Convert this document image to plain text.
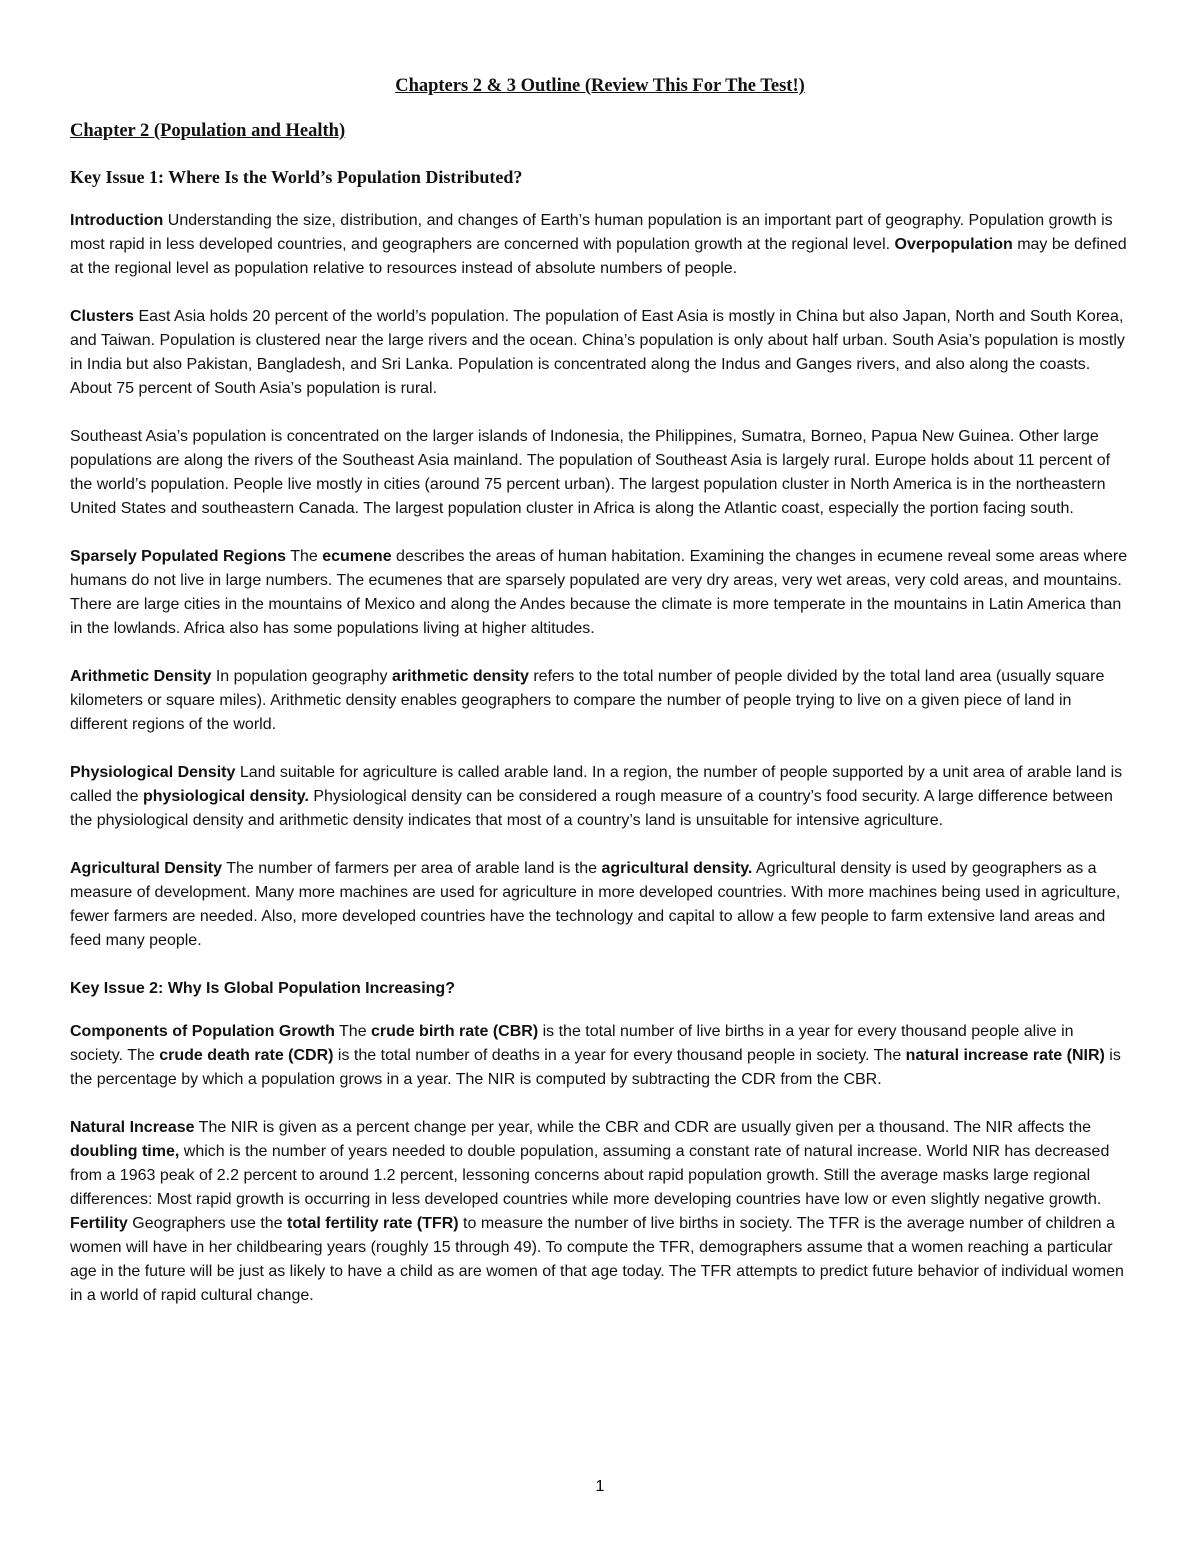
Chapters 2 & 3 Outline (Review This For The Test!)
Chapter 2 (Population and Health)
Key Issue 1: Where Is the World’s Population Distributed?

Introduction Understanding the size, distribution, and changes of Earth’s human population is an important part of geography. Population growth is most rapid in less developed countries, and geographers are concerned with population growth at the regional level. Overpopulation may be defined at the regional level as population relative to resources instead of absolute numbers of people.

Clusters East Asia holds 20 percent of the world’s population. The population of East Asia is mostly in China but also Japan, North and South Korea, and Taiwan. Population is clustered near the large rivers and the ocean. China’s population is only about half urban. South Asia’s population is mostly in India but also Pakistan, Bangladesh, and Sri Lanka. Population is concentrated along the Indus and Ganges rivers, and also along the coasts. About 75 percent of South Asia’s population is rural.

Southeast Asia’s population is concentrated on the larger islands of Indonesia, the Philippines, Sumatra, Borneo, Papua New Guinea. Other large populations are along the rivers of the Southeast Asia mainland. The population of Southeast Asia is largely rural. Europe holds about 11 percent of the world’s population. People live mostly in cities (around 75 percent urban). The largest population cluster in North America is in the northeastern United States and southeastern Canada. The largest population cluster in Africa is along the Atlantic coast, especially the portion facing south.

Sparsely Populated Regions The ecumene describes the areas of human habitation. Examining the changes in ecumene reveal some areas where humans do not live in large numbers. The ecumenes that are sparsely populated are very dry areas, very wet areas, very cold areas, and mountains. There are large cities in the mountains of Mexico and along the Andes because the climate is more temperate in the mountains in Latin America than in the lowlands. Africa also has some populations living at higher altitudes.

Arithmetic Density In population geography arithmetic density refers to the total number of people divided by the total land area (usually square kilometers or square miles). Arithmetic density enables geographers to compare the number of people trying to live on a given piece of land in different regions of the world.

Physiological Density Land suitable for agriculture is called arable land. In a region, the number of people supported by a unit area of arable land is called the physiological density. Physiological density can be considered a rough measure of a country’s food security. A large difference between the physiological density and arithmetic density indicates that most of a country’s land is unsuitable for intensive agriculture.

Agricultural Density The number of farmers per area of arable land is the agricultural density. Agricultural density is used by geographers as a measure of development. Many more machines are used for agriculture in more developed countries. With more machines being used in agriculture, fewer farmers are needed. Also, more developed countries have the technology and capital to allow a few people to farm extensive land areas and feed many people.

Key Issue 2: Why Is Global Population Increasing?

Components of Population Growth The crude birth rate (CBR) is the total number of live births in a year for every thousand people alive in society. The crude death rate (CDR) is the total number of deaths in a year for every thousand people in society. The natural increase rate (NIR) is the percentage by which a population grows in a year. The NIR is computed by subtracting the CDR from the CBR.

Natural Increase The NIR is given as a percent change per year, while the CBR and CDR are usually given per a thousand. The NIR affects the doubling time, which is the number of years needed to double population, assuming a constant rate of natural increase. World NIR has decreased from a 1963 peak of 2.2 percent to around 1.2 percent, lessoning concerns about rapid population growth. Still the average masks large regional differences: Most rapid growth is occurring in less developed countries while more developing countries have low or even slightly negative growth.

Fertility Geographers use the total fertility rate (TFR) to measure the number of live births in society. The TFR is the average number of children a women will have in her childbearing years (roughly 15 through 49). To compute the TFR, demographers assume that a women reaching a particular age in the future will be just as likely to have a child as are women of that age today. The TFR attempts to predict future behavior of individual women in a world of rapid cultural change.

1
